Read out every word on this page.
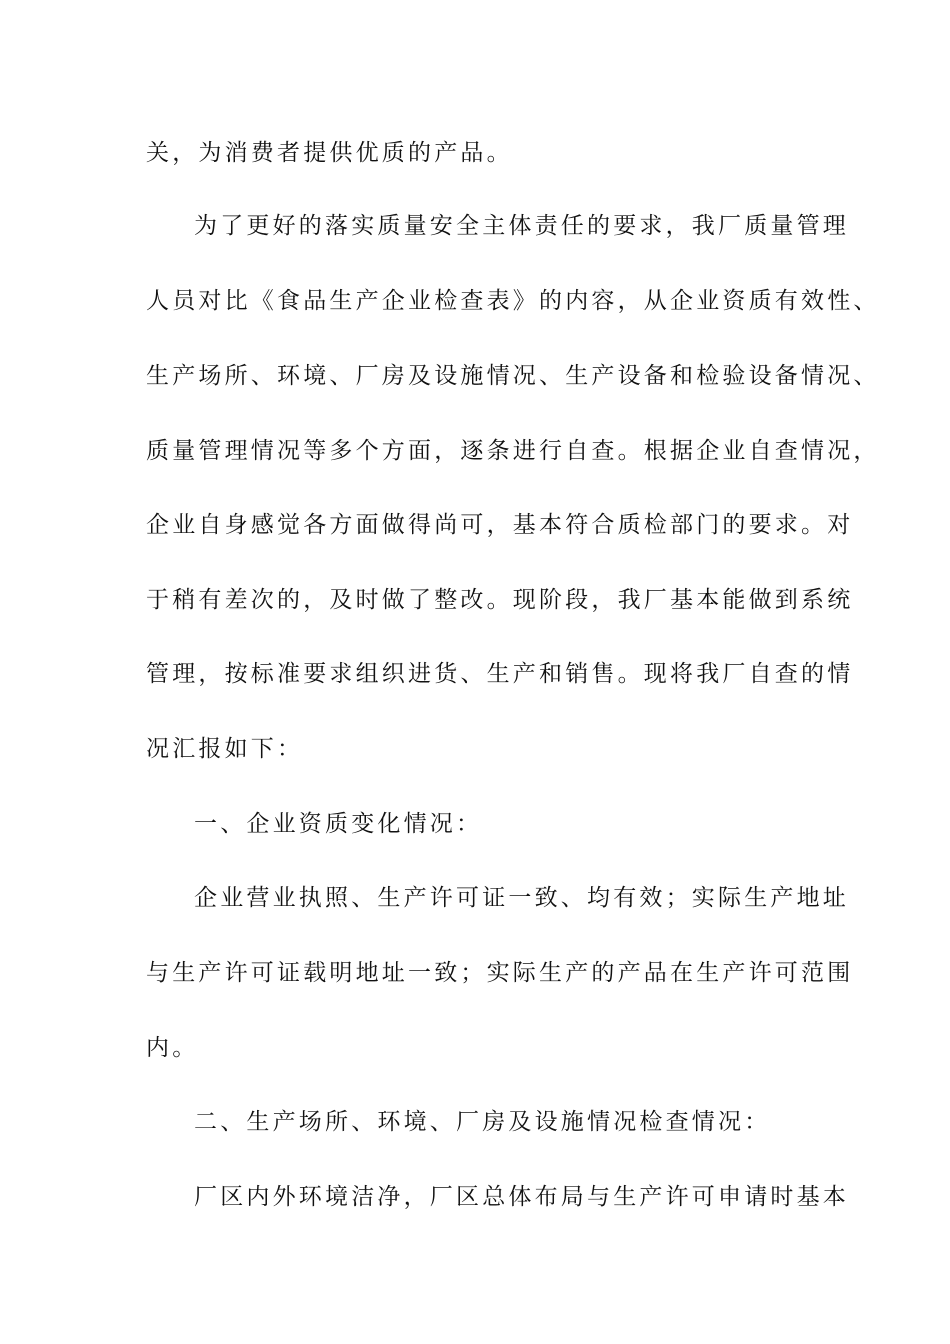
关，为消费者提供优质的产品。
为了更好的落实质量安全主体责任的要求，我厂质量管理
人员对比《食品生产企业检查表》的内容，从企业资质有效性、
生产场所、环境、厂房及设施情况、生产设备和检验设备情况、
质量管理情况等多个方面，逐条进行自查。根据企业自查情况，
企业自身感觉各方面做得尚可，基本符合质检部门的要求。对
于稍有差次的，及时做了整改。现阶段，我厂基本能做到系统
管理，按标准要求组织进货、生产和销售。现将我厂自查的情
况汇报如下：
一、企业资质变化情况：
企业营业执照、生产许可证一致、均有效；实际生产地址
与生产许可证载明地址一致；实际生产的产品在生产许可范围
内。
二、生产场所、环境、厂房及设施情况检查情况：
厂区内外环境洁净，厂区总体布局与生产许可申请时基本
